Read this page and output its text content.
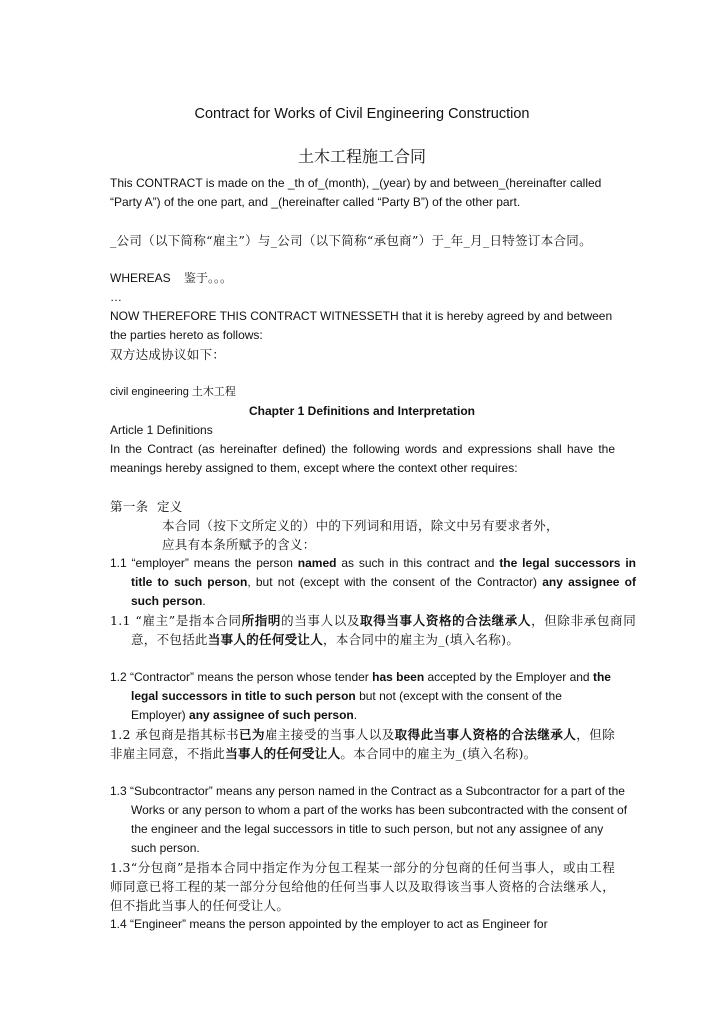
Contract for Works of Civil Engineering Construction
土木工程施工合同

This CONTRACT is made on the _th of_(month), _(year) by and between_(hereinafter called “Party A”) of the one part, and _(hereinafter called “Party B”) of the other part.

_公司（以下简称“雇主”）与_公司（以下简称“承包商”）于_年_月_日特签订本合同。

WHEREAS    鉴于。。。

…

NOW THEREFORE THIS CONTRACT WITNESSETH that it is hereby agreed by and between the parties hereto as follows:

双方达成协议如下：

civil engineering 土木工程

Chapter 1 Definitions and Interpretation

Article 1 Definitions

In the Contract (as hereinafter defined) the following words and expressions shall have the meanings hereby assigned to them, except where the context other requires:

第一条  定义

本合同（按下文所定义的）中的下列词和用语，除文中另有要求者外，

应具有本条所赋予的含义：

1.1 “employer” means the person named as such in this contract and the legal successors in title to such person, but not (except with the consent of the Contractor) any assignee of such person.

1.1 “雇主”是指本合同所指明的当事人以及取得当事人资格的合法继承人，但除非承包商同意，不包括此当事人的任何受让人，本合同中的雇主为_(填入名称)。

1.2 “Contractor” means the person whose tender has been accepted by the Employer and the legal successors in title to such person but not (except with the consent of the Employer) any assignee of such person.

1.2 承包商是指其标书已为雇主接受的当事人以及取得此当事人资格的合法继承人，但除非雇主同意，不指此当事人的任何受让人。本合同中的雇主为_(填入名称)。

1.3 “Subcontractor” means any person named in the Contract as a Subcontractor for a part of the Works or any person to whom a part of the works has been subcontracted with the consent of the engineer and the legal successors in title to such person, but not any assignee of any such person.

1.3“分包商”是指本合同中指定作为分包工程某一部分的分包商的任何当事人，或由工程师同意已将工程的某一部分分包给他的任何当事人以及取得该当事人资格的合法继承人，但不指此当事人的任何受让人。

1.4 “Engineer” means the person appointed by the employer to act as Engineer for
